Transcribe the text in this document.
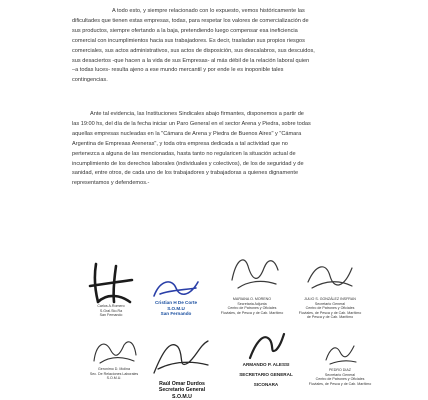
A todo esto, y siempre relacionado con lo expuesto, vemos históricamente las
dificultades que tienen estas empresas, todas, para respetar los valores de comercialización de
sus productos, siempre ofertando a la baja, pretendiendo luego compensar esa ineficiencia
comercial con incumplimientos hacia sus trabajadores. Es decir, trasladan sus propios riesgos
comerciales, sus actos administrativos, sus actos de disposición, sus descalabros, sus descuidos,
sus desaciertos -que hacen a la vida de sus Empresas- al más débil de la relación laboral quien
–a todas luces- resulta ajeno a ese mundo mercantil y por ende le es inoponible tales
contingencias.
Ante tal evidencia, las Instituciones Sindicales abajo firmantes, disponemos a partir de
las 19:00 hs, del día de la fecha iniciar un Paro General en el sector Arena y Piedra, sobre todas
aquellas empresas nucleadas en la "Cámara de Arena y Piedra de Buenos Aires" y "Cámara
Argentina de Empresas Areneras", y toda otra empresa dedicada a tal actividad que no
pertenezca a alguna de las mencionadas, hasta tanto no regularicen la situación actual de
incumplimiento de los derechos laborales (individuales y colectivos), de los de seguridad y de
sanidad, entre otros, de cada uno de los trabajadores y trabajadoras a quienes dignamente
representamos y defendemos.-
Carlos A.Romero
S.Gral.Sto.Ra
San Fernando
Cristian H De Corte
S.O.M.U
San Fernando
MARIANA O. MORENO
Secretaria Adjunta
Centro de Patrones y Oficiales
Fluviales, de Pesca y de Cab. Marítimo
JULIO S. GONZÁLEZ INSFRAN
Secretario General
Centro de Patrones y Oficiales
Fluviales, de Pesca y de Cab. Marítimo
de Pesca y de Cab. Marítimo
Geronimo D. Molina
Sec. De Relaciones Laborales
S.O.M.U.
Raúl Omar Durdos
Secretario General
S.O.M.U
ARMANDO P. ALESSI
SECRETARIO GENERAL
SICONARA
PEDRO DIAZ
Secretario General
Centro de Patrones y Oficiales
Fluviales, de Pesca y de Cab. Marítimo
